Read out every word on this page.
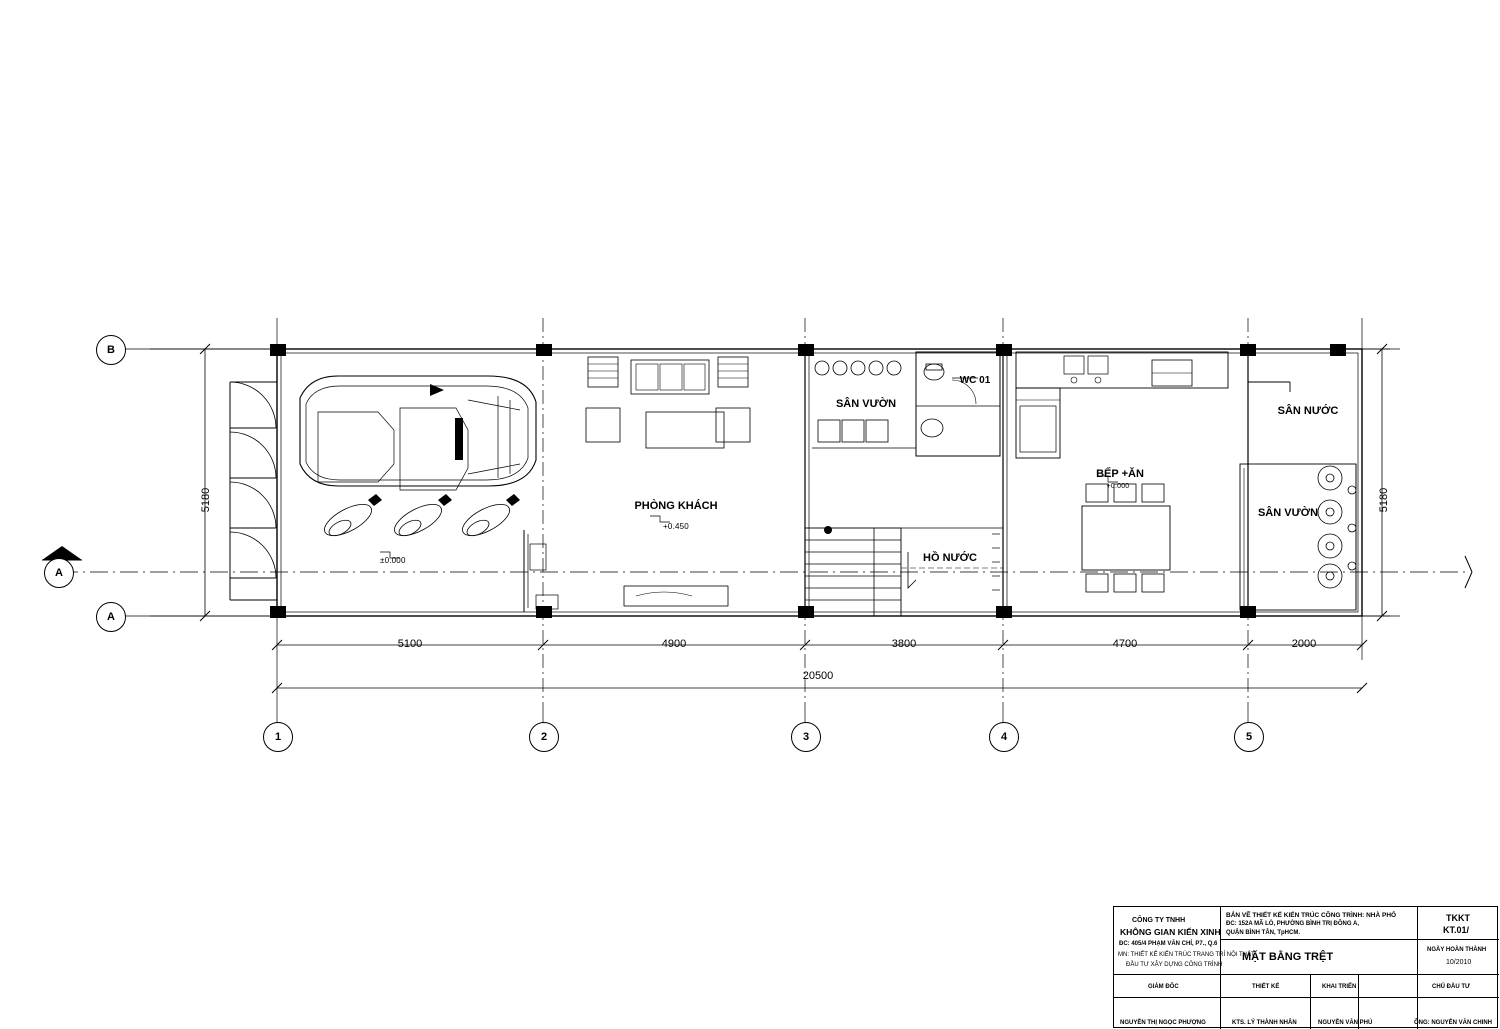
B
A
A
1	2	3	4	5
PHÒNG KHÁCH
+0.450
SÂN VƯỜN
WC 01
HỒ NƯỚC
BẾP +ĂN
+0.000
SÂN VƯỜN
SÂN NƯỚC
±0.000
5100	4900	3800	4700	2000
20500
5180	5180
CÔNG TY TNHH
KHÔNG GIAN KIẾN XINH
ĐC: 405/4 PHẠM VĂN CHÍ, P7., Q.6
MN: THIẾT KẾ KIẾN TRÚC TRANG TRÍ NỘI THẤT
ĐẦU TƯ XÂY DỰNG CÔNG TRÌNH
BẢN VẼ THIẾT KẾ KIẾN TRÚC CÔNG TRÌNH: NHÀ PHỐ
ĐC: 152A MÃ LÒ, PHƯỜNG BÌNH TRỊ ĐÔNG A,
QUẬN BÌNH TÂN, TpHCM.
MẶT BẰNG TRỆT
TKKT
KT.01/
NGÀY HOÀN THÀNH
10/2010
GIÁM ĐỐC	THIẾT KẾ	KHAI TRIỂN	CHỦ ĐẦU TƯ
NGUYỄN THỊ NGỌC PHƯỢNG	KTS. LÝ THÀNH NHÂN	NGUYỄN VĂN PHÚ	ÔNG: NGUYỄN VĂN CHINH
